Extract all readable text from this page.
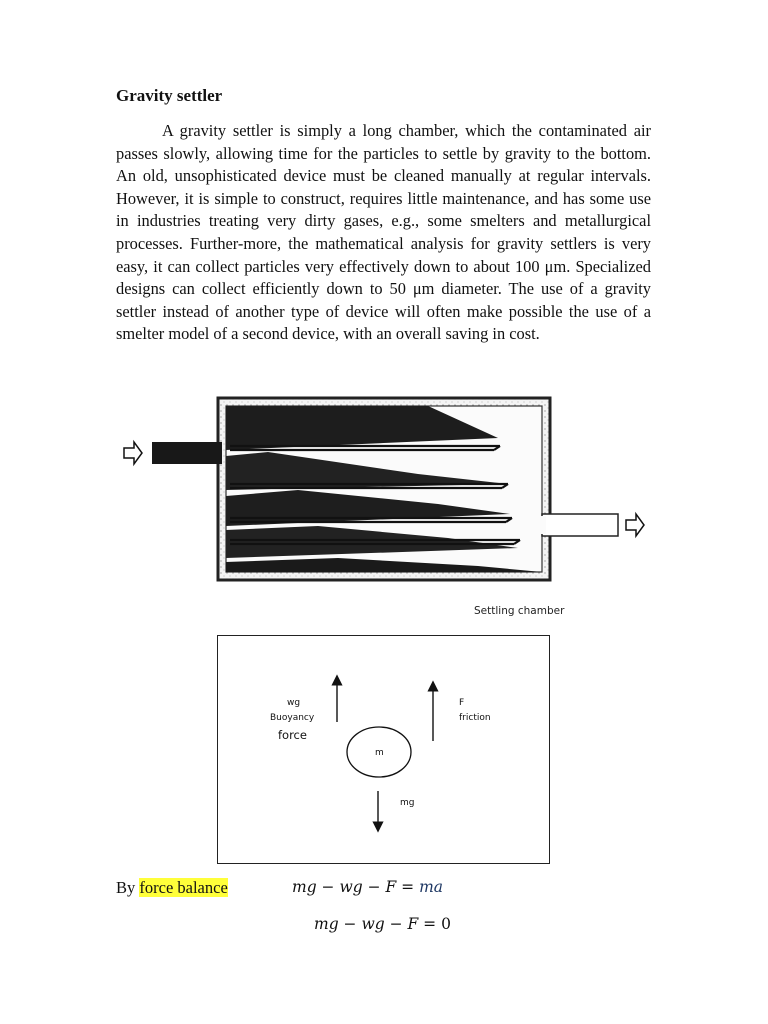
Gravity settler
A gravity settler is simply a long chamber, which the contaminated air passes slowly, allowing time for the particles to settle by gravity to the bottom. An old, unsophisticated device must be cleaned manually at regular intervals. However, it is simple to construct, requires little maintenance, and has some use in industries treating very dirty gases, e.g., some smelters and metallurgical processes. Further-more, the mathematical analysis for gravity settlers is very easy, it can collect particles very effectively down to about 100 μm. Specialized designs can collect efficiently down to 50 μm diameter. The use of a gravity settler instead of another type of device will often make possible the use of a smelter model of a second device, with an overall saving in cost.
Settling chamber
wg
Buoyancy
force
F
friction
m
mg
By force balance	mg − wg − F = ma
mg − wg − F = 0
